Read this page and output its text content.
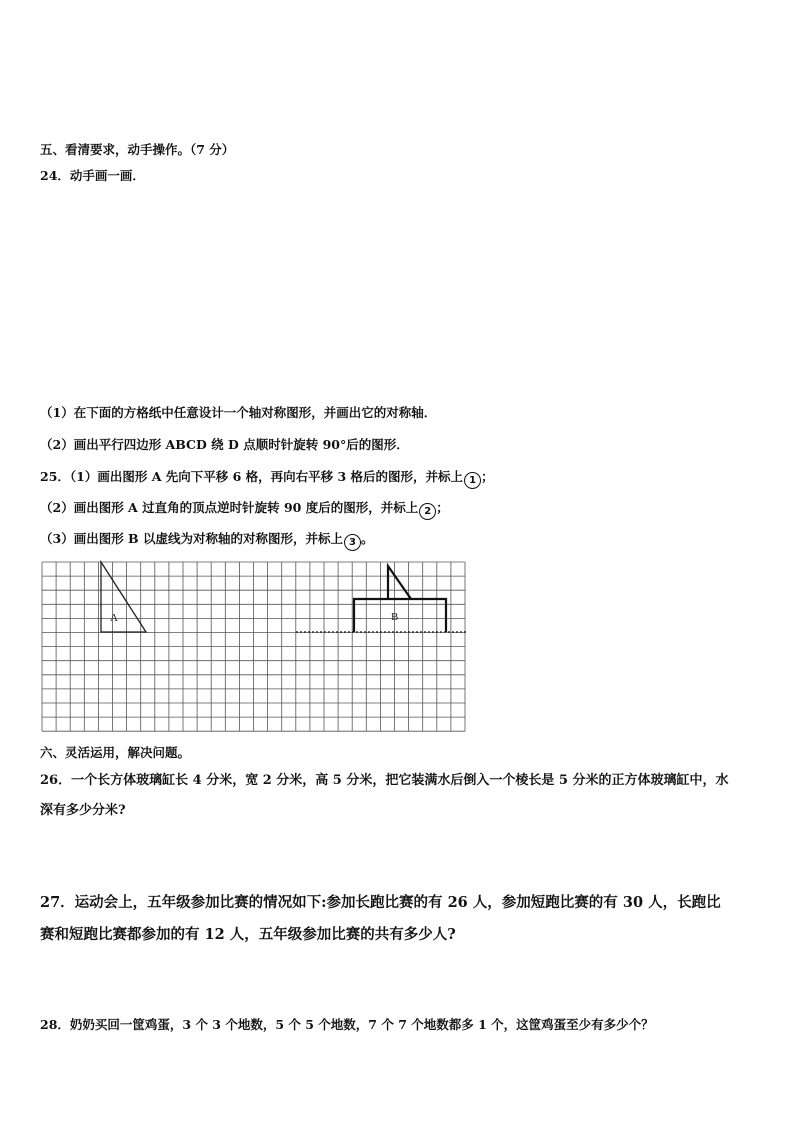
五、看清要求，动手操作。（7 分）
24．动手画一画．
（1）在下面的方格纸中任意设计一个轴对称图形，并画出它的对称轴．
（2）画出平行四边形 ABCD 绕 D 点顺时针旋转 90°后的图形．
25．（1）画出图形 A 先向下平移 6 格，再向右平移 3 格后的图形，并标上 1 ；
（2）画出图形 A 过直角的顶点逆时针旋转 90 度后的图形，并标上 2 ；
（3）画出图形 B 以虚线为对称轴的对称图形，并标上 3 。
A	B
六、灵活运用，解决问题。
26．一个长方体玻璃缸长 4 分米，宽 2 分米，高 5 分米，把它装满水后倒入一个棱长是 5 分米的正方体玻璃缸中，水
深有多少分米?
27．运动会上，五年级参加比赛的情况如下:参加长跑比赛的有 26 人，参加短跑比赛的有 30 人，长跑比
赛和短跑比赛都参加的有 12 人，五年级参加比赛的共有多少人?
28．奶奶买回一筐鸡蛋，3 个 3 个地数，5 个 5 个地数，7 个 7 个地数都多 1 个，这筐鸡蛋至少有多少个？
